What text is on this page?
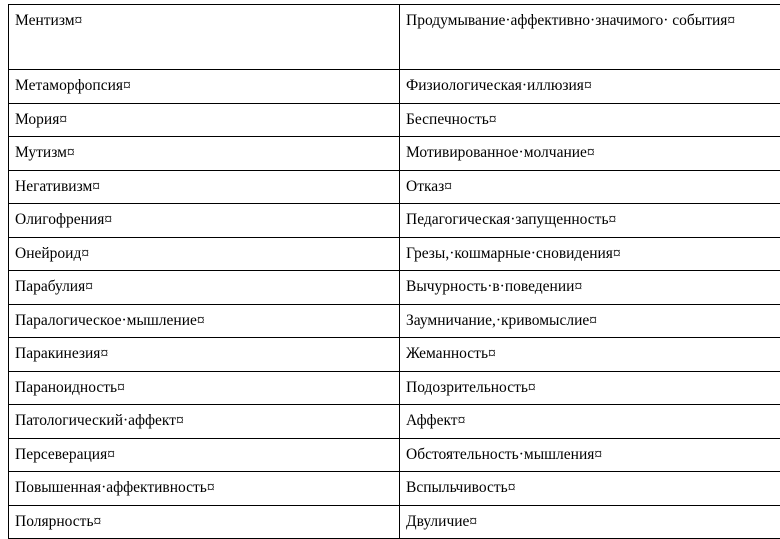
Ментизм¤	Продумывание·аффективно·значимого· события¤
Метаморфопсия¤	Физиологическая·иллюзия¤
Мория¤	Беспечность¤
Мутизм¤	Мотивированное·молчание¤
Негативизм¤	Отказ¤
Олигофрения¤	Педагогическая·запущенность¤
Онейроид¤	Грезы,·кошмарные·сновидения¤
Парабулия¤	Вычурность·в·поведении¤
Паралогическое·мышление¤	Заумничание,·кривомыслие¤
Паракинезия¤	Жеманность¤
Параноидность¤	Подозрительность¤
Патологический·аффект¤	Аффект¤
Персеверация¤	Обстоятельность·мышления¤
Повышенная·аффективность¤	Вспыльчивость¤
Полярность¤	Двуличие¤
